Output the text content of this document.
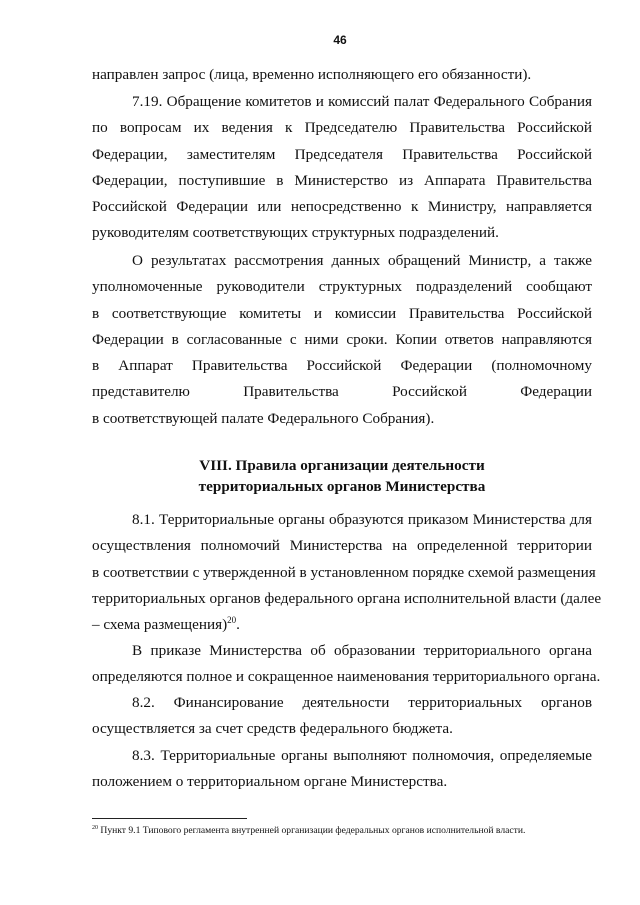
46
направлен запрос (лица, временно исполняющего его обязанности).
7.19. Обращение комитетов и комиссий палат Федерального Собрания
по вопросам их ведения к Председателю Правительства Российской
Федерации, заместителям Председателя Правительства Российской
Федерации, поступившие в Министерство из Аппарата Правительства
Российской Федерации или непосредственно к Министру, направляется
руководителям соответствующих структурных подразделений.
О результатах рассмотрения данных обращений Министр, а также
уполномоченные руководители структурных подразделений сообщают
в соответствующие комитеты и комиссии Правительства Российской
Федерации в согласованные с ними сроки. Копии ответов направляются
в Аппарат Правительства Российской Федерации (полномочному
представителю Правительства Российской Федерации
в соответствующей палате Федерального Собрания).
VIII. Правила организации деятельности
территориальных органов Министерства
8.1. Территориальные органы образуются приказом Министерства для
осуществления полномочий Министерства на определенной территории
в соответствии с утвержденной в установленном порядке схемой размещения
территориальных органов федерального органа исполнительной власти (далее
– схема размещения)$^{20}$.
В приказе Министерства об образовании территориального органа
определяются полное и сокращенное наименования территориального органа.
8.2. Финансирование деятельности территориальных органов
осуществляется за счет средств федерального бюджета.
8.3. Территориальные органы выполняют полномочия, определяемые
положением о территориальном органе Министерства.
$^{20}$ Пункт 9.1 Типового регламента внутренней организации федеральных органов исполнительной власти.
